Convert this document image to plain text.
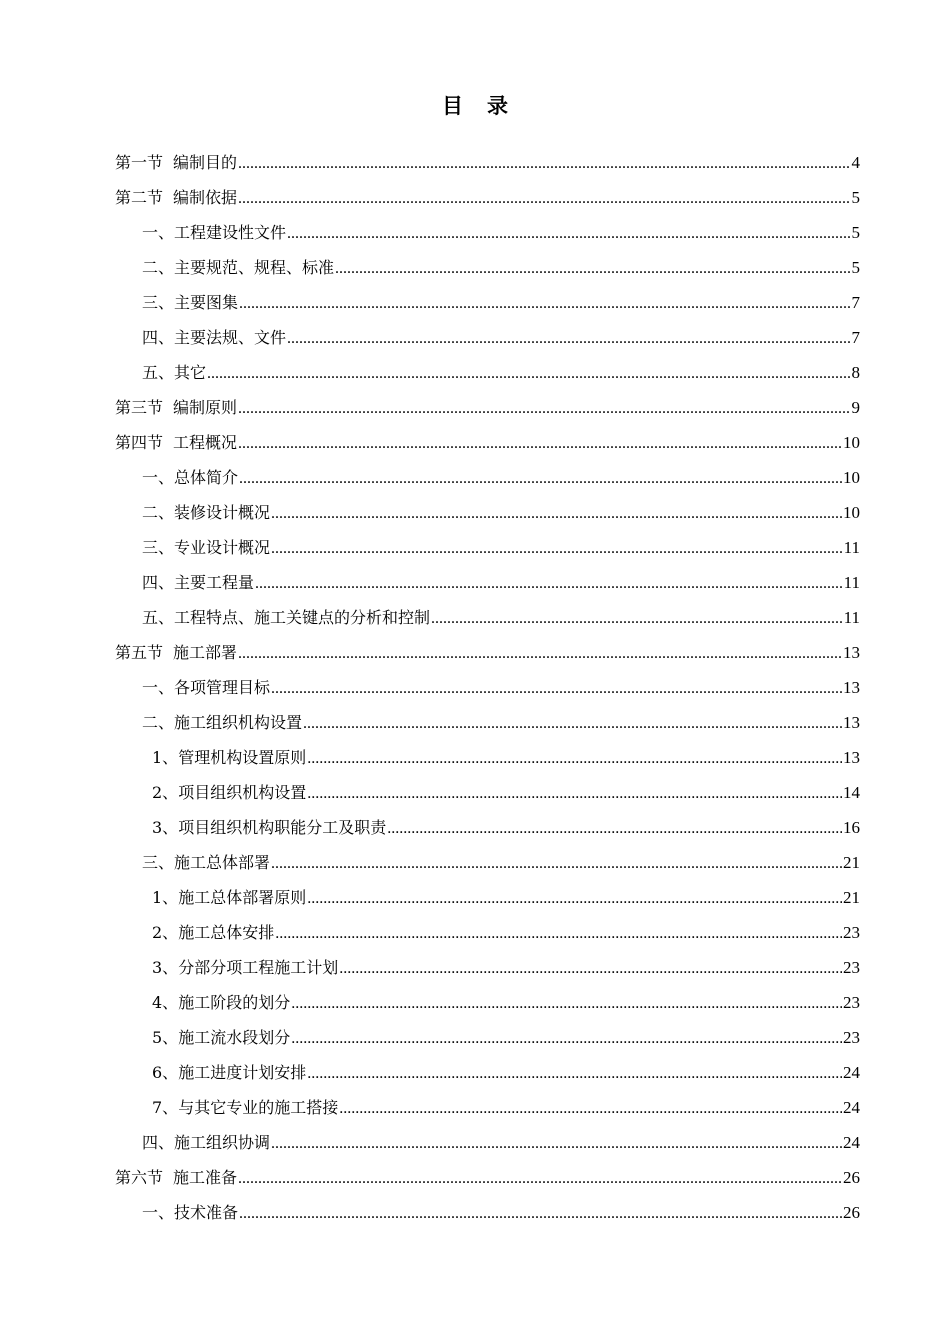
目录
第一节 编制目的 .....	4
第二节 编制依据 .....	5
一、 工程建设性文件 .....	5
二、 主要规范、规程、标准 .....	5
三、 主要图集 .....	7
四、 主要法规、文件 .....	7
五、 其它 .....	8
第三节 编制原则 .....	9
第四节 工程概况 .....	10
一、 总体简介 .....	10
二、 装修设计概况 .....	10
三、 专业设计概况 .....	11
四、 主要工程量 .....	11
五、 工程特点、施工关键点的分析和控制 .....	11
第五节 施工部署 .....	13
一、 各项管理目标 .....	13
二、 施工组织机构设置 .....	13
1、 管理机构设置原则 .....	13
2、 项目组织机构设置 .....	14
3、 项目组织机构职能分工及职责 .....	16
三、 施工总体部署 .....	21
1、 施工总体部署原则 .....	21
2、 施工总体安排 .....	23
3、 分部分项工程施工计划 .....	23
4、 施工阶段的划分 .....	23
5、 施工流水段划分 .....	23
6、 施工进度计划安排 .....	24
7、 与其它专业的施工搭接 .....	24
四、 施工组织协调 .....	24
第六节 施工准备 .....	26
一、 技术准备 .....	26
